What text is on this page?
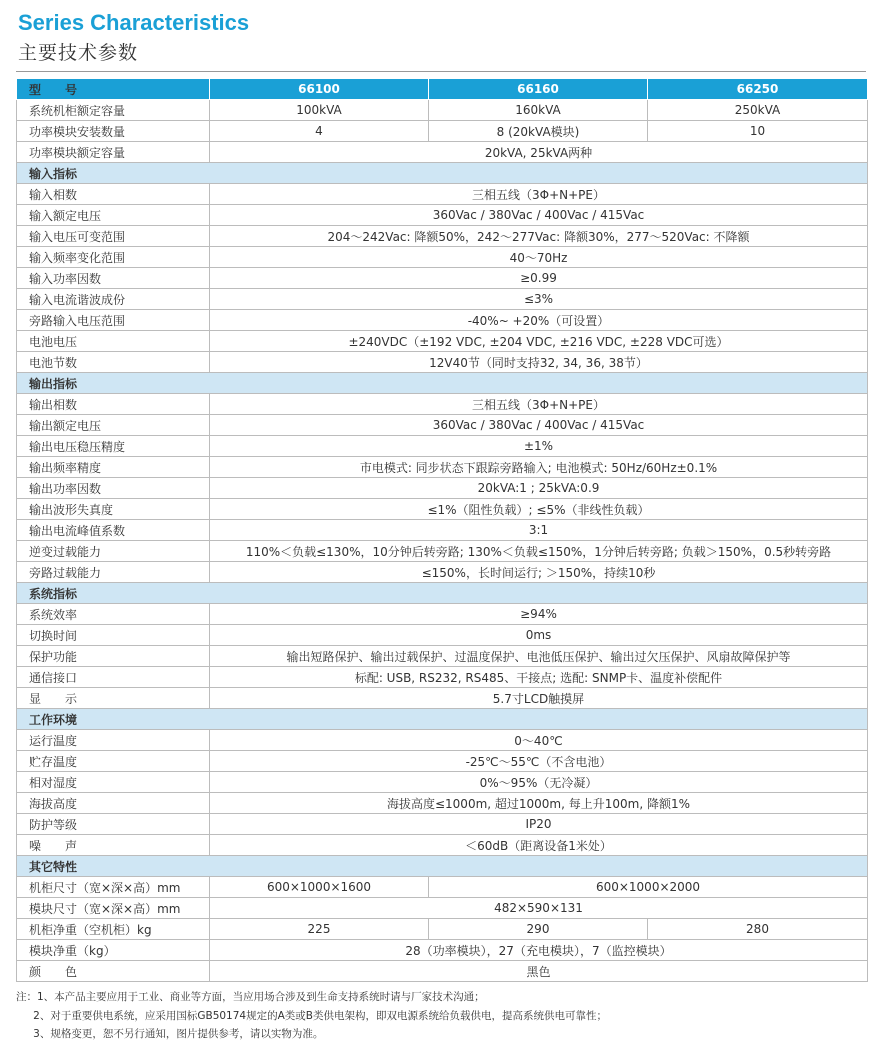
Series Characteristics
主要技术参数
型　　号	66100	66160	66250
系统机柜额定容量	100kVA	160kVA	250kVA
功率模块安装数量	4	8 (20kVA模块)	10
功率模块额定容量	20kVA, 25kVA两种		
输入指标			
输入相数	三相五线（3Φ+N+PE）		
输入额定电压	360Vac / 380Vac / 400Vac / 415Vac		
输入电压可变范围	204～242Vac: 降额50%，242～277Vac: 降额30%，277～520Vac: 不降额		
输入频率变化范围	40～70Hz		
输入功率因数	≥0.99		
输入电流谐波成份	≤3%		
旁路输入电压范围	-40%~ +20%（可设置）		
电池电压	±240VDC（±192 VDC, ±204 VDC, ±216 VDC, ±228 VDC可选）		
电池节数	12V40节（同时支持32, 34, 36, 38节）		
输出指标			
输出相数	三相五线（3Φ+N+PE）		
输出额定电压	360Vac / 380Vac / 400Vac / 415Vac		
输出电压稳压精度	±1%		
输出频率精度	市电模式: 同步状态下跟踪旁路输入; 电池模式: 50Hz/60Hz±0.1%		
输出功率因数	20kVA:1 ; 25kVA:0.9		
输出波形失真度	≤1%（阻性负载）; ≤5%（非线性负载）		
输出电流峰值系数	3:1		
逆变过载能力	110%＜负载≤130%，10分钟后转旁路; 130%＜负载≤150%，1分钟后转旁路; 负载＞150%，0.5秒转旁路		
旁路过载能力	≤150%，长时间运行; ＞150%，持续10秒		
系统指标			
系统效率	≥94%		
切换时间	0ms		
保护功能	输出短路保护、输出过载保护、过温度保护、电池低压保护、输出过欠压保护、风扇故障保护等		
通信接口	标配: USB, RS232, RS485、干接点; 选配: SNMP卡、温度补偿配件		
显　　示	5.7寸LCD触摸屏		
工作环境			
运行温度	0～40℃		
贮存温度	-25℃～55℃（不含电池）		
相对湿度	0%～95%（无冷凝）		
海拔高度	海拔高度≤1000m, 超过1000m, 每上升100m, 降额1%		
防护等级	IP20		
噪　　声	＜60dB（距离设备1米处）		
其它特性			
机柜尺寸（宽×深×高）mm	600×1000×1600	600×1000×2000	
模块尺寸（宽×深×高）mm	482×590×131		
机柜净重（空机柜）kg	225	290	280
模块净重（kg）	28（功率模块），27（充电模块），7（监控模块）		
颜　　色	黑色		
注：1、本产品主要应用于工业、商业等方面，当应用场合涉及到生命支持系统时请与厂家技术沟通；
　  2、对于重要供电系统，应采用国标GB50174规定的A类或B类供电架构，即双电源系统给负载供电，提高系统供电可靠性；
　  3、规格变更，恕不另行通知，图片提供参考，请以实物为准。
